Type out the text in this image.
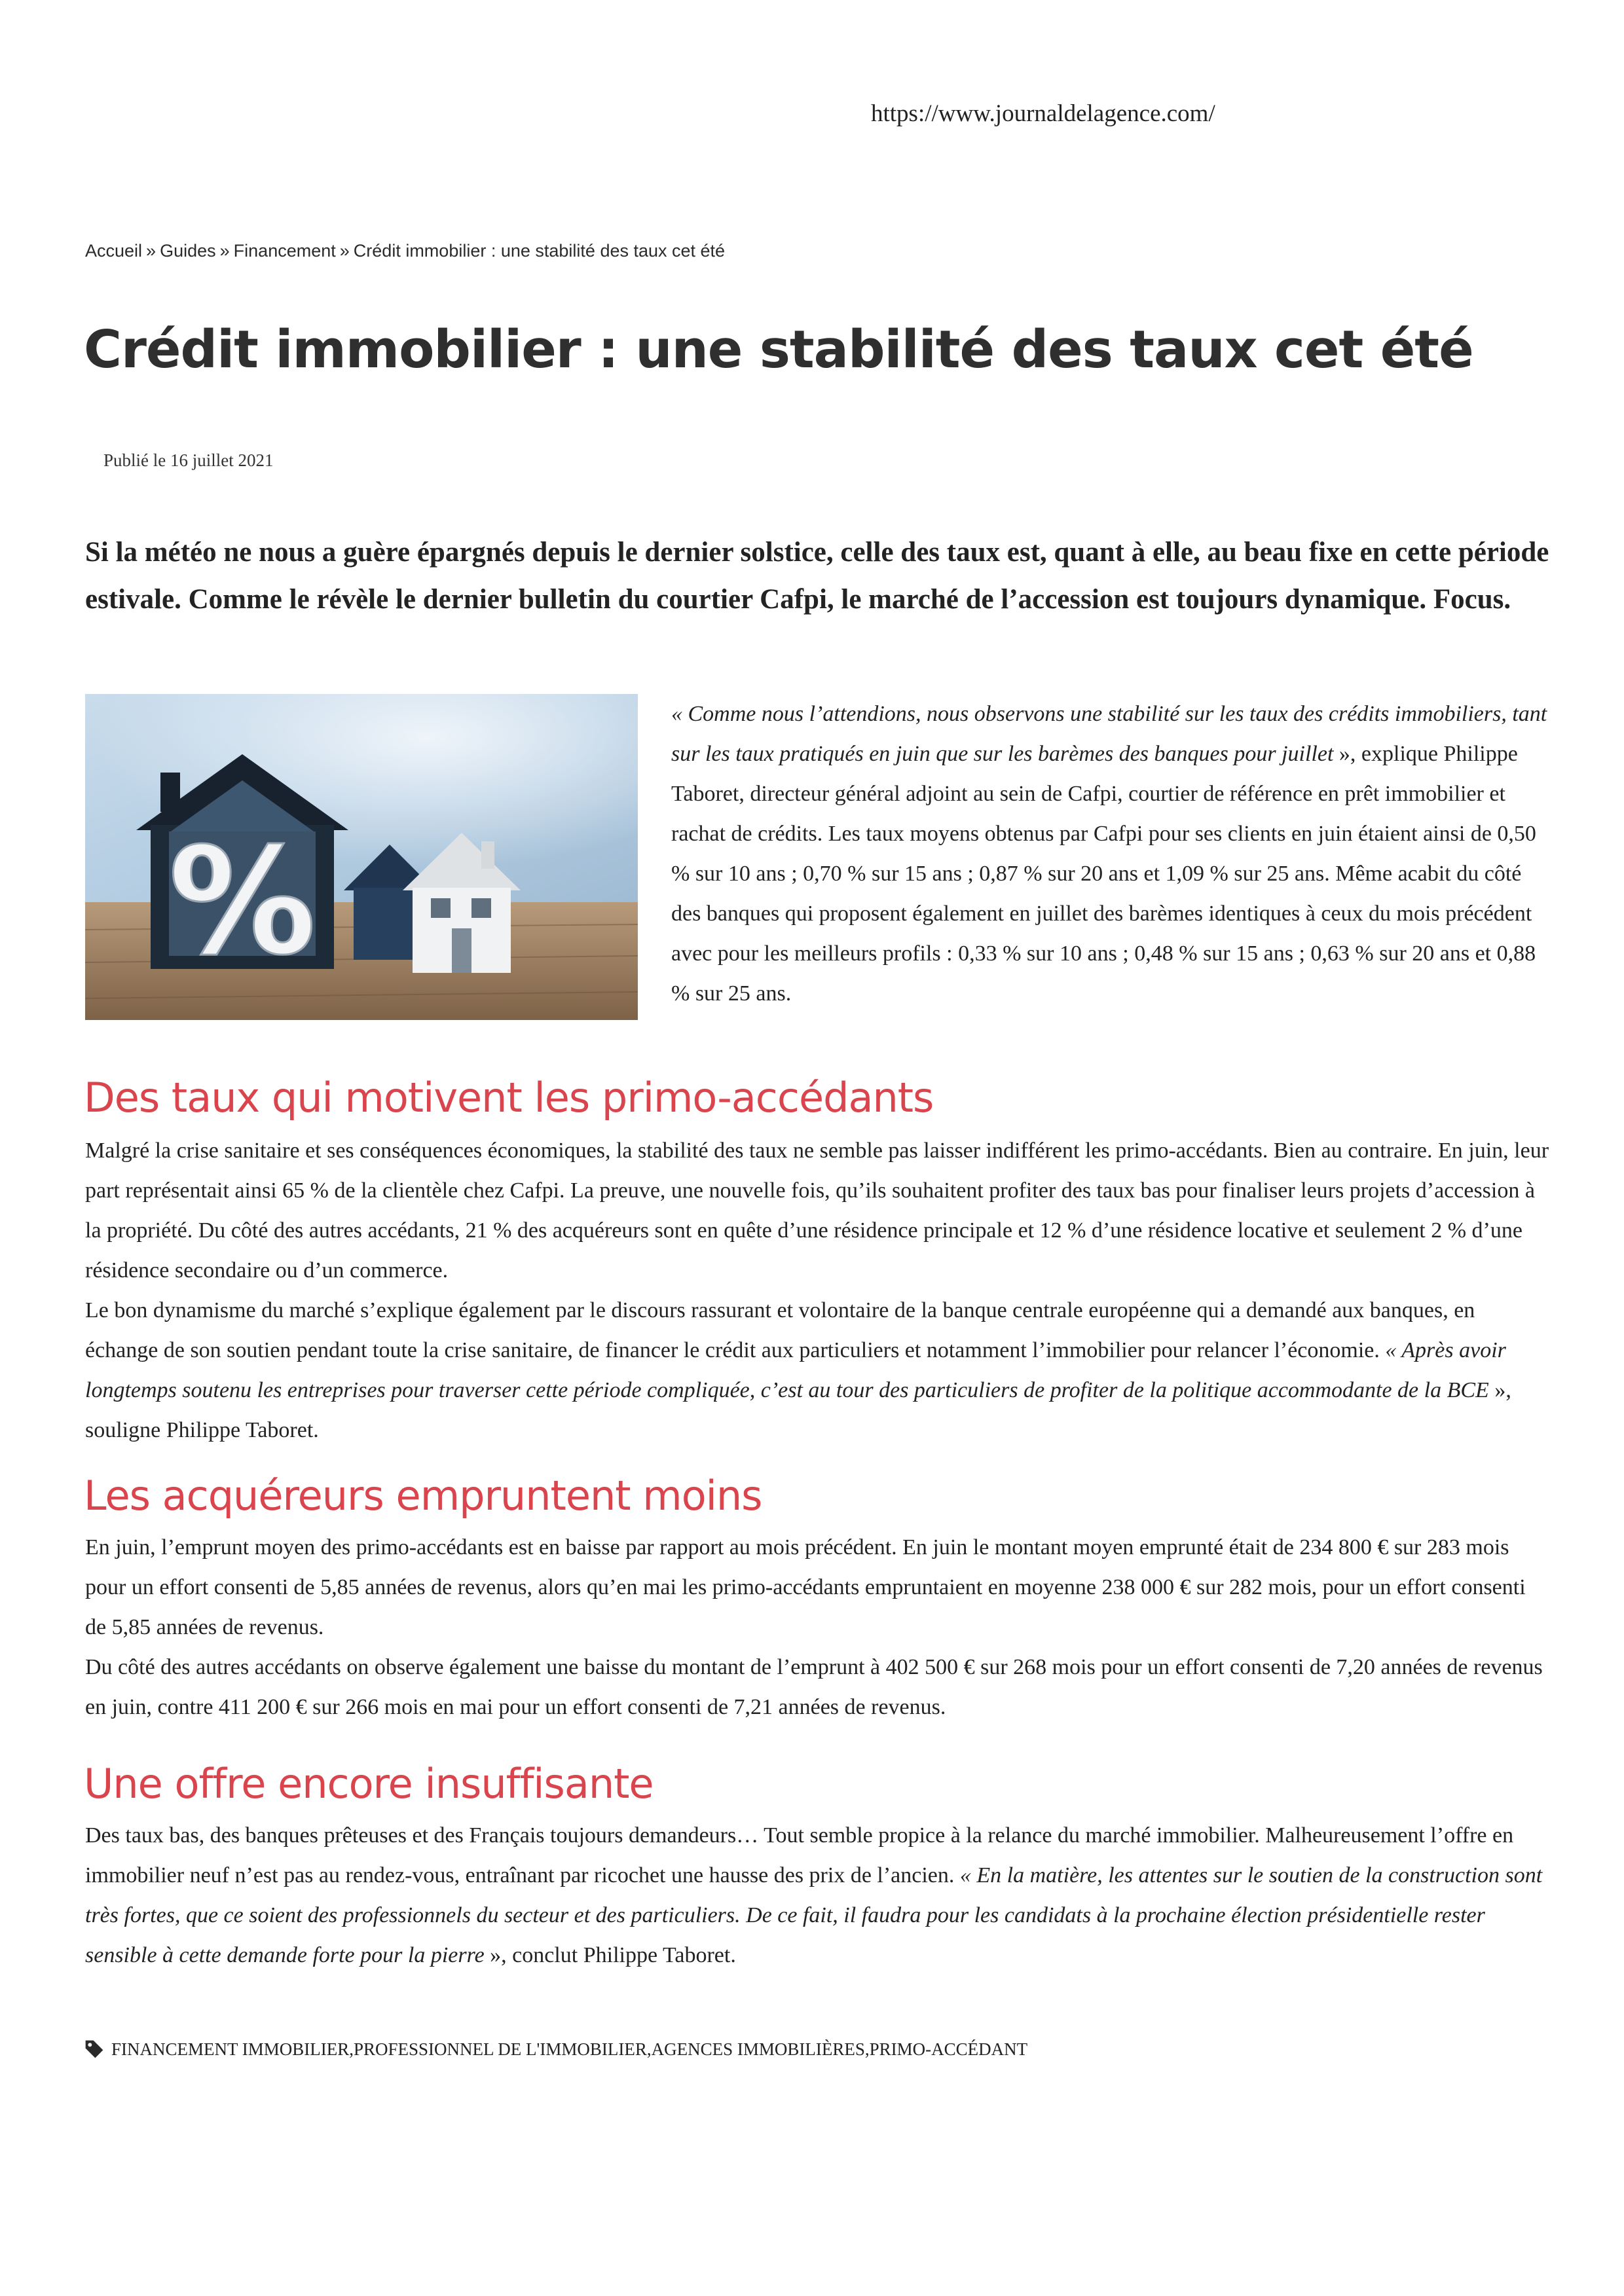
https://www.journaldelagence.com/
Accueil » Guides » Financement » Crédit immobilier : une stabilité des taux cet été
Crédit immobilier : une stabilité des taux cet été
Publié le 16 juillet 2021

Si la météo ne nous a guère épargnés depuis le dernier solstice, celle des taux est, quant à elle, au beau fixe en cette période estivale. Comme le révèle le dernier bulletin du courtier Cafpi, le marché de l’accession est toujours dynamique. Focus.

%

« Comme nous l’attendions, nous observons une stabilité sur les taux des crédits immobiliers, tant sur les taux pratiqués en juin que sur les barèmes des banques pour juillet », explique Philippe Taboret, directeur général adjoint au sein de Cafpi, courtier de référence en prêt immobilier et rachat de crédits. Les taux moyens obtenus par Cafpi pour ses clients en juin étaient ainsi de 0,50 % sur 10 ans ; 0,70 % sur 15 ans ; 0,87 % sur 20 ans et 1,09 % sur 25 ans. Même acabit du côté des banques qui proposent également en juillet des barèmes identiques à ceux du mois précédent avec pour les meilleurs profils : 0,33 % sur 10 ans ; 0,48 % sur 15 ans ; 0,63 % sur 20 ans et 0,88 % sur 25 ans.

Des taux qui motivent les primo-accédants

Malgré la crise sanitaire et ses conséquences économiques, la stabilité des taux ne semble pas laisser indifférent les primo-accédants. Bien au contraire. En juin, leur part représentait ainsi 65 % de la clientèle chez Cafpi. La preuve, une nouvelle fois, qu’ils souhaitent profiter des taux bas pour finaliser leurs projets d’accession à la propriété. Du côté des autres accédants, 21 % des acquéreurs sont en quête d’une résidence principale et 12 % d’une résidence locative et seulement 2 % d’une résidence secondaire ou d’un commerce.

Le bon dynamisme du marché s’explique également par le discours rassurant et volontaire de la banque centrale européenne qui a demandé aux banques, en échange de son soutien pendant toute la crise sanitaire, de financer le crédit aux particuliers et notamment l’immobilier pour relancer l’économie. « Après avoir longtemps soutenu les entreprises pour traverser cette période compliquée, c’est au tour des particuliers de profiter de la politique accommodante de la BCE », souligne Philippe Taboret.

Les acquéreurs empruntent moins

En juin, l’emprunt moyen des primo-accédants est en baisse par rapport au mois précédent. En juin le montant moyen emprunté était de 234 800 € sur 283 mois pour un effort consenti de 5,85 années de revenus, alors qu’en mai les primo-accédants empruntaient en moyenne 238 000 € sur 282 mois, pour un effort consenti de 5,85 années de revenus.

Du côté des autres accédants on observe également une baisse du montant de l’emprunt à 402 500 € sur 268 mois pour un effort consenti de 7,20 années de revenus en juin, contre 411 200 € sur 266 mois en mai pour un effort consenti de 7,21 années de revenus.

Une offre encore insuffisante

Des taux bas, des banques prêteuses et des Français toujours demandeurs… Tout semble propice à la relance du marché immobilier. Malheureusement l’offre en immobilier neuf n’est pas au rendez-vous, entraînant par ricochet une hausse des prix de l’ancien. « En la matière, les attentes sur le soutien de la construction sont très fortes, que ce soient des professionnels du secteur et des particuliers. De ce fait, il faudra pour les candidats à la prochaine élection présidentielle rester sensible à cette demande forte pour la pierre », conclut Philippe Taboret.

FINANCEMENT IMMOBILIER,PROFESSIONNEL DE L'IMMOBILIER,AGENCES IMMOBILIÈRES,PRIMO-ACCÉDANT
